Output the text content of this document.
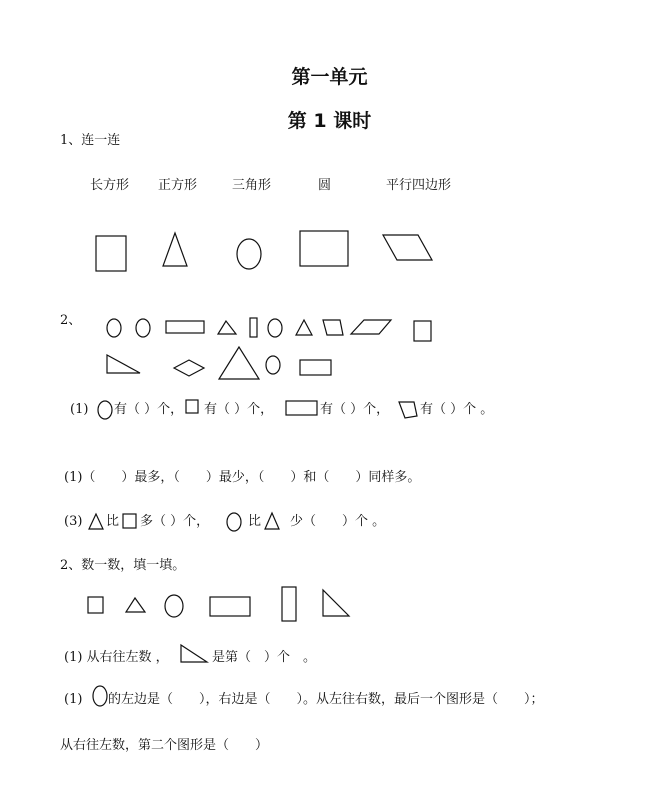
第一单元
第 1 课时
1、连一连
长方形 正方形	三角形	圆	平行四边形
2、
(1) 有（ ）个， 有（ ）个，	有（ ）个， 有（ ）个 。
(1)（　　）最多，（　　）最少，（　　）和（　　）同样多。
(3) 比 多（ ）个，	比 少（　　）个 。
2、数一数，填一填。
(1) 从右往左数 ，	是第（　）个　。
(1) 的左边是（　　），右边是（　　）。从左往右数，最后一个图形是（　　）；
从右往左数，第二个图形是（　　）
